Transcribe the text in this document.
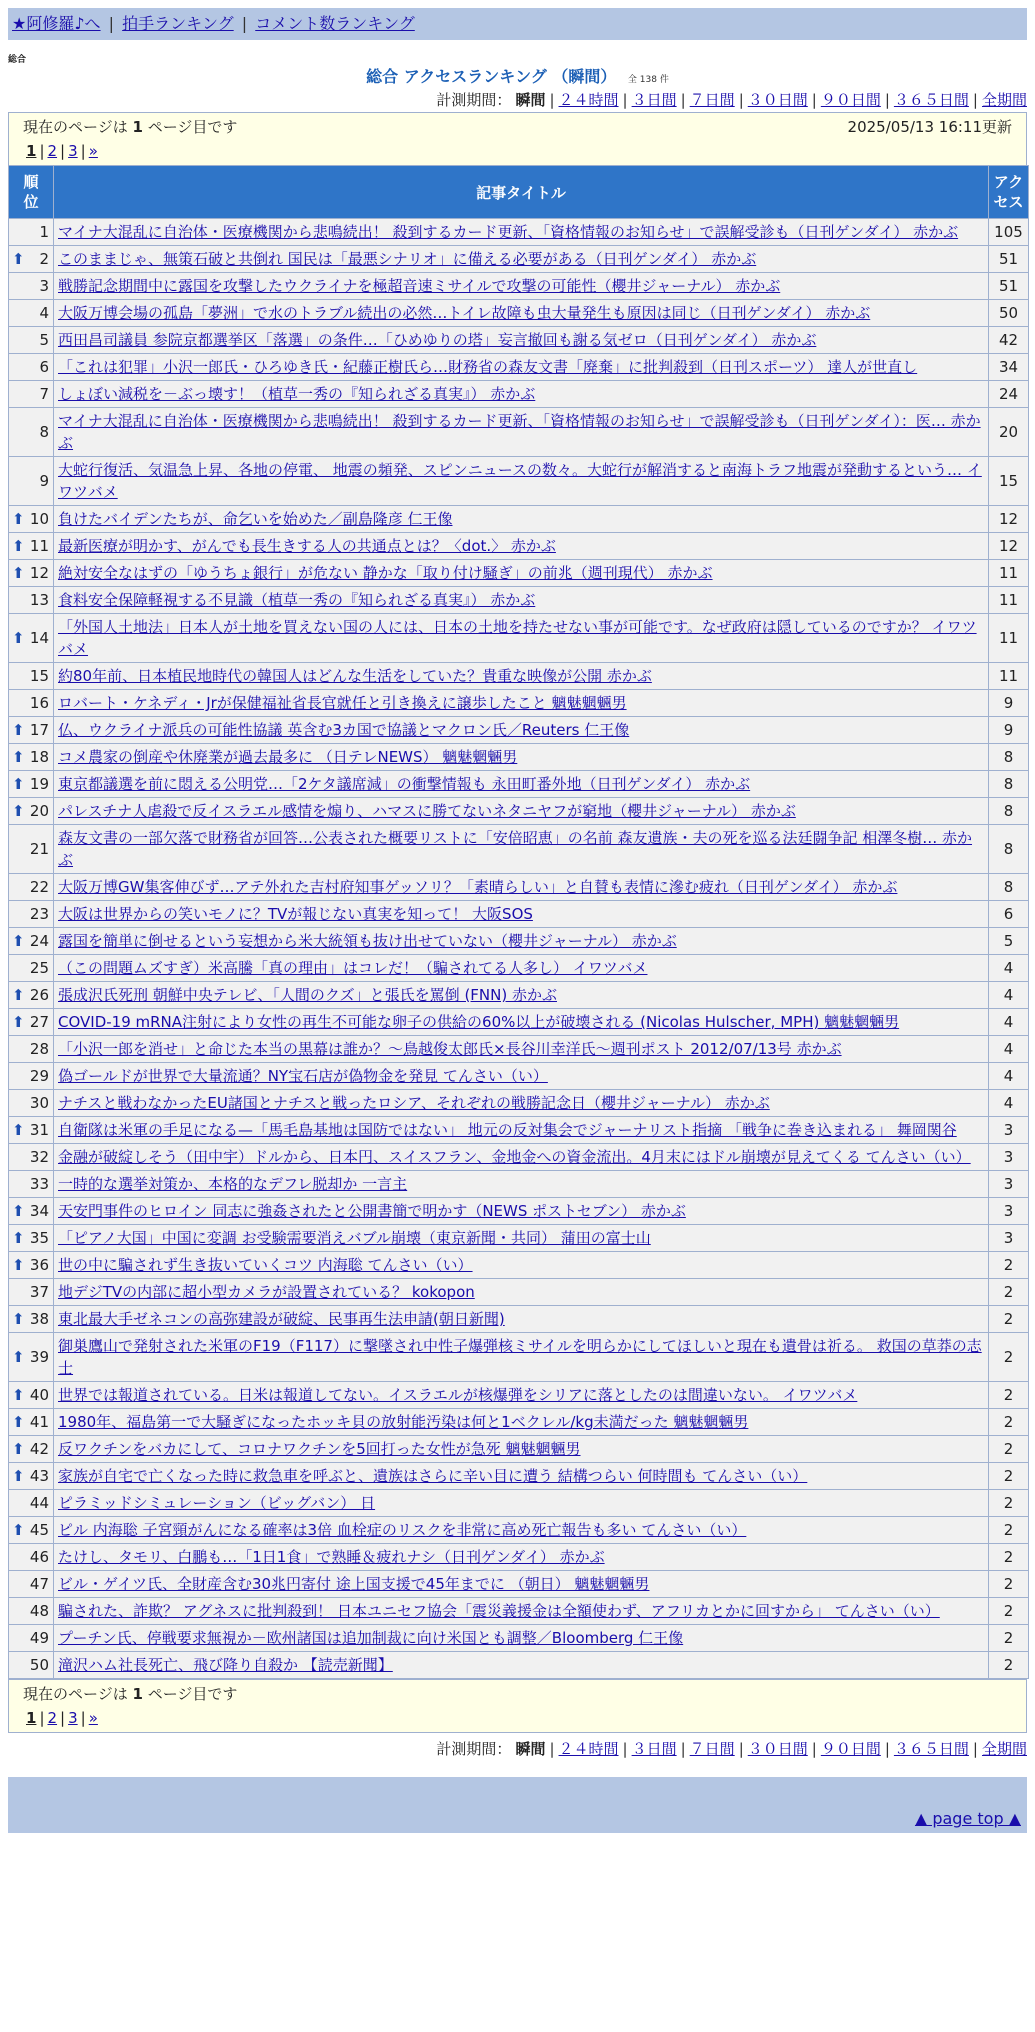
★阿修羅♪へ | 拍手ランキング | コメント数ランキング
総合
総合 アクセスランキング （瞬間） 全 138 件
計測期間： 瞬間 | ２４時間 | ３日間 | ７日間 | ３０日間 | ９０日間 | ３６５日間 | 全期間
現在のページは 1 ページ目です	2025/05/13 16:11更新
1 | 2 | 3 | »
順位	記事タイトル	アクセス
1	マイナ大混乱に自治体・医療機関から悲鳴続出！ 殺到するカード更新、「資格情報のお知らせ」で誤解受診も（日刊ゲンダイ） 赤かぶ	105

⬆ 2	このままじゃ、無策石破と共倒れ 国民は「最悪シナリオ」に備える必要がある（日刊ゲンダイ） 赤かぶ	51
3	戦勝記念期間中に露国を攻撃したウクライナを極超音速ミサイルで攻撃の可能性（櫻井ジャーナル） 赤かぶ	51
4	大阪万博会場の孤島「夢洲」で水のトラブル続出の必然…トイレ故障も虫大量発生も原因は同じ（日刊ゲンダイ） 赤かぶ	50
5	西田昌司議員 参院京都選挙区「落選」の条件…「ひめゆりの塔」妄言撤回も謝る気ゼロ（日刊ゲンダイ） 赤かぶ	42
6	「これは犯罪」小沢一郎氏・ひろゆき氏・紀藤正樹氏ら…財務省の森友文書「廃棄」に批判殺到（日刊スポーツ） 達人が世直し	34
7	しょぼい減税を－ぶっ壊す！（植草一秀の『知られざる真実』） 赤かぶ	24
8	マイナ大混乱に自治体・医療機関から悲鳴続出！ 殺到するカード更新、「資格情報のお知らせ」で誤解受診も（日刊ゲンダイ）：医… 赤かぶ	20
9	大蛇行復活、気温急上昇、各地の停電、 地震の頻発、スピンニュースの数々。大蛇行が解消すると南海トラフ地震が発動するという… イワツバメ	15

⬆ 10	負けたバイデンたちが、命乞いを始めた／副島隆彦 仁王像	12

⬆ 11	最新医療が明かす、がんでも長生きする人の共通点とは？〈dot.〉 赤かぶ	12

⬆ 12	絶対安全なはずの「ゆうちょ銀行」が危ない 静かな「取り付け騒ぎ」の前兆（週刊現代） 赤かぶ	11
13	食料安全保障軽視する不見識（植草一秀の『知られざる真実』） 赤かぶ	11

⬆ 14	「外国人土地法」日本人が土地を買えない国の人には、日本の土地を持たせない事が可能です。なぜ政府は隠しているのですか？ イワツバメ	11
15	約80年前、日本植民地時代の韓国人はどんな生活をしていた？貴重な映像が公開 赤かぶ	11
16	ロバート・ケネディ・Jrが保健福祉省長官就任と引き換えに譲歩したこと 魑魅魍魎男	9

⬆ 17	仏、ウクライナ派兵の可能性協議 英含む3カ国で協議とマクロン氏／Reuters 仁王像	9

⬆ 18	コメ農家の倒産や休廃業が過去最多に （日テレNEWS） 魑魅魍魎男	8

⬆ 19	東京都議選を前に悶える公明党…「2ケタ議席減」の衝撃情報も 永田町番外地（日刊ゲンダイ） 赤かぶ	8

⬆ 20	パレスチナ人虐殺で反イスラエル感情を煽り、ハマスに勝てないネタニヤフが窮地（櫻井ジャーナル） 赤かぶ	8
21	森友文書の一部欠落で財務省が回答…公表された概要リストに「安倍昭恵」の名前 森友遺族・夫の死を巡る法廷闘争記 相澤冬樹… 赤かぶ	8
22	大阪万博GW集客伸びず…アテ外れた吉村府知事ゲッソリ？「素晴らしい」と自賛も表情に滲む疲れ（日刊ゲンダイ） 赤かぶ	8
23	大阪は世界からの笑いモノに？TVが報じない真実を知って！ 大阪SOS	6

⬆ 24	露国を簡単に倒せるという妄想から米大統領も抜け出せていない（櫻井ジャーナル） 赤かぶ	5
25	（この問題ムズすぎ）米高騰「真の理由」はコレだ！（騙されてる人多し） イワツバメ	4

⬆ 26	張成沢氏死刑 朝鮮中央テレビ、「人間のクズ」と張氏を罵倒 (FNN) 赤かぶ	4

⬆ 27	COVID-19 mRNA注射により女性の再生不可能な卵子の供給の60%以上が破壊される (Nicolas Hulscher, MPH) 魑魅魍魎男	4
28	「小沢一郎を消せ」と命じた本当の黒幕は誰か？～鳥越俊太郎氏×長谷川幸洋氏～週刊ポスト 2012/07/13号 赤かぶ	4
29	偽ゴールドが世界で大量流通？NY宝石店が偽物金を発見 てんさい（い）	4
30	ナチスと戦わなかったEU諸国とナチスと戦ったロシア、それぞれの戦勝記念日（櫻井ジャーナル） 赤かぶ	4

⬆ 31	自衛隊は米軍の手足になる—「馬毛島基地は国防ではない」 地元の反対集会でジャーナリスト指摘 「戦争に巻き込まれる」 舞岡関谷	3
32	金融が破綻しそう（田中宇）ドルから、日本円、スイスフラン、金地金への資金流出。4月末にはドル崩壊が見えてくる てんさい（い）	3
33	一時的な選挙対策か、本格的なデフレ脱却か 一言主	3

⬆ 34	天安門事件のヒロイン 同志に強姦されたと公開書簡で明かす（NEWS ポストセブン） 赤かぶ	3

⬆ 35	「ピアノ大国」中国に変調 お受験需要消えバブル崩壊（東京新聞・共同） 蒲田の富士山	3

⬆ 36	世の中に騙されず生き抜いていくコツ 内海聡 てんさい（い）	2
37	地デジTVの内部に超小型カメラが設置されている？ kokopon	2

⬆ 38	東北最大手ゼネコンの高弥建設が破綻、民事再生法申請(朝日新聞)	2

⬆ 39	御巣鷹山で発射された米軍のF19（F117）に撃墜され中性子爆弾核ミサイルを明らかにしてほしいと現在も遺骨は祈る。 救国の草莽の志士	2

⬆ 40	世界では報道されている。日米は報道してない。イスラエルが核爆弾をシリアに落としたのは間違いない。 イワツバメ	2

⬆ 41	1980年、福島第一で大騒ぎになったホッキ貝の放射能汚染は何と1ベクレル/kg未満だった 魑魅魍魎男	2

⬆ 42	反ワクチンをバカにして、コロナワクチンを5回打った女性が急死 魑魅魍魎男	2

⬆ 43	家族が自宅で亡くなった時に救急車を呼ぶと、遺族はさらに辛い目に遭う 結構つらい 何時間も てんさい（い）	2
44	ピラミッドシミュレーション（ビッグバン） 日	2

⬆ 45	ピル 内海聡 子宮頸がんになる確率は3倍 血栓症のリスクを非常に高め死亡報告も多い てんさい（い）	2
46	たけし、タモリ、白鵬も…「1日1食」で熟睡＆疲れナシ（日刊ゲンダイ） 赤かぶ	2
47	ビル・ゲイツ氏、全財産含む30兆円寄付 途上国支援で45年までに （朝日） 魑魅魍魎男	2
48	騙された、詐欺？ アグネスに批判殺到！ 日本ユニセフ協会「震災義援金は全額使わず、アフリカとかに回すから」 てんさい（い）	2
49	プーチン氏、停戦要求無視か－欧州諸国は追加制裁に向け米国とも調整／Bloomberg 仁王像	2
50	滝沢ハム社長死亡、飛び降り自殺か 【読売新聞】	2
現在のページは 1 ページ目です
1 | 2 | 3 | »
計測期間： 瞬間 | ２４時間 | ３日間 | ７日間 | ３０日間 | ９０日間 | ３６５日間 | 全期間
▲ page top ▲
